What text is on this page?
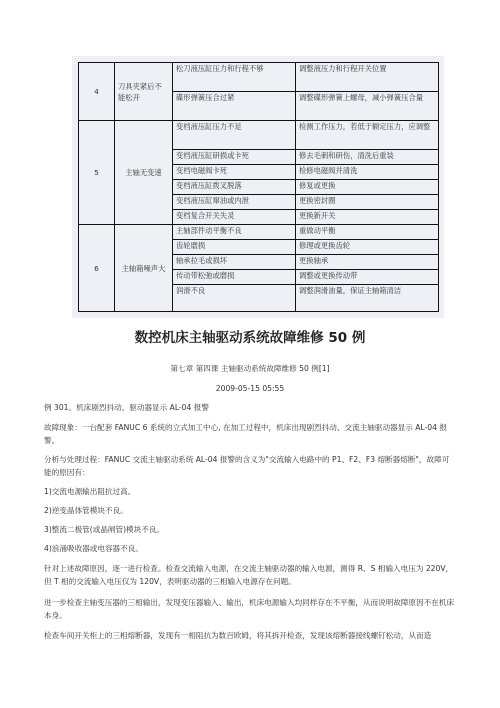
4	刀具夹紧后不能松开	松刀液压缸压力和行程不够	调整液压力和行程开关位置
		碟形弹簧压合过紧	调整碟形弹簧上螺母，减小弹簧压合量
5	主轴无变速	变档液压缸压力不足	检测工作压力，若低于额定压力，应调整
		变档液压缸研损或卡死	修去毛刺和研伤，清洗后重装
		变档电磁阀卡死	检修电磁阀并清洗
		变档液压缸拨叉脱落	修复或更换
		变档液压缸窜油或内泄	更换密封圈
		变档复合开关失灵	更换新开关
6	主轴箱噪声大	主轴部件动平衡不良	重做动平衡
		齿轮磨损	修理或更换齿轮
		轴承拉毛或损坏	更换轴承
		传动带松弛或磨损	调整或更换传动带
		润滑不良	调整润滑油量，保证主轴箱清洁
数控机床主轴驱动系统故障维修 50 例
第七章 第四课 主轴驱动系统故障维修 50 例[1]
2009-05-15 05:55
例 301。机床剧烈抖动、驱动器显示 AL-04 报警
故障现象：一台配套 FANUC 6 系统的立式加工中心, 在加工过程中，机床出现剧烈抖动、交流主轴驱动器显示 AL-04 报警。
分析与处理过程：FANUC 交流主轴驱动系统 AL-04 报警的含义为"交流输入电路中的 P1、F2、F3 熔断器熔断"，故障可能的原因有：
1)交流电源输出阻抗过高。
2)逆变晶体管模块不良。
3)整流二极管(或晶闸管)模块不良。
4)浪涌吸收器或电容器不良。
针对上述故障原因，逐一进行检查。检查交流输入电源，在交流主轴驱动器的输入电源，测得 R、S 相输入电压为 220V，但 T 相的交流输入电压仅为 120V，表明驱动器的三相输入电源存在问题。
进一步检查主轴变压器的三相输出，发现变压器输入、输出，机床电源输入均同样存在不平衡，从而说明故障原因不在机床本身。
检查车间开关柜上的三相熔断器，发现有一相阻抗为数百欧姆，将其拆开检查，发现该熔断器接线螺钉松动，从而造
